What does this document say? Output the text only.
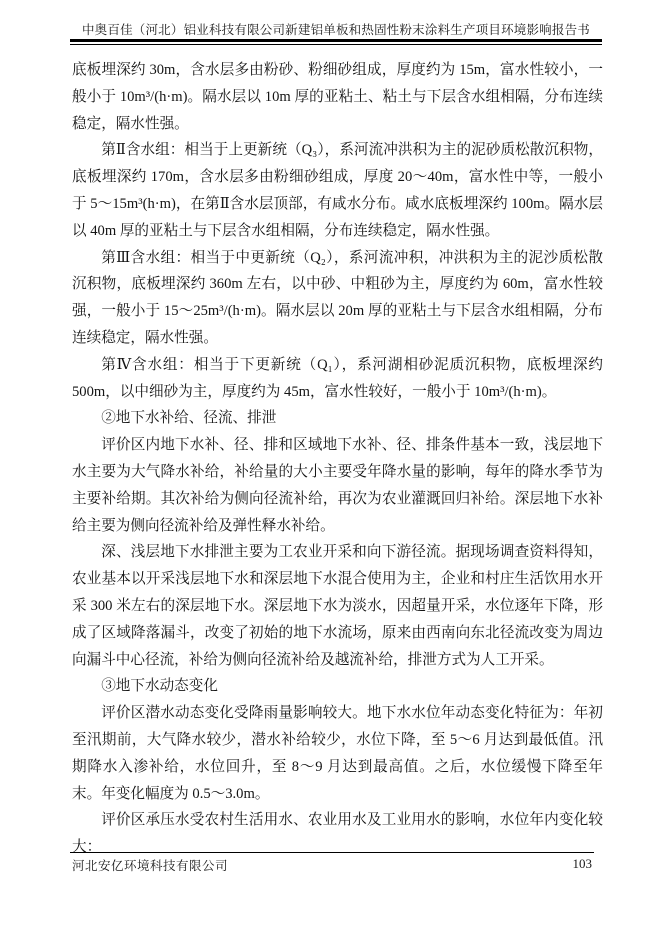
中奥百佳（河北）铝业科技有限公司新建铝单板和热固性粉末涂料生产项目环境影响报告书

底板埋深约 30m，含水层多由粉砂、粉细砂组成，厚度约为 15m，富水性较小，一般小于 10m³/(h·m)。隔水层以 10m 厚的亚粘土、粘土与下层含水组相隔，分布连续稳定，隔水性强。

第Ⅱ含水组：相当于上更新统（Q₃），系河流冲洪积为主的泥砂质松散沉积物，底板埋深约 170m，含水层多由粉细砂组成，厚度 20～40m，富水性中等，一般小于 5～15m³(h·m)，在第Ⅱ含水层顶部，有咸水分布。咸水底板埋深约 100m。隔水层以 40m 厚的亚粘土与下层含水组相隔，分布连续稳定，隔水性强。

第Ⅲ含水组：相当于中更新统（Q₂），系河流冲积，冲洪积为主的泥沙质松散沉积物，底板埋深约 360m 左右，以中砂、中粗砂为主，厚度约为 60m，富水性较强，一般小于 15～25m³/(h·m)。隔水层以 20m 厚的亚粘土与下层含水组相隔，分布连续稳定，隔水性强。

第Ⅳ含水组：相当于下更新统（Q₁），系河湖相砂泥质沉积物，底板埋深约 500m，以中细砂为主，厚度约为 45m，富水性较好，一般小于 10m³/(h·m)。

②地下水补给、径流、排泄

评价区内地下水补、径、排和区域地下水补、径、排条件基本一致，浅层地下水主要为大气降水补给，补给量的大小主要受年降水量的影响，每年的降水季节为主要补给期。其次补给为侧向径流补给，再次为农业灌溉回归补给。深层地下水补给主要为侧向径流补给及弹性释水补给。

深、浅层地下水排泄主要为工农业开采和向下游径流。据现场调查资料得知，农业基本以开采浅层地下水和深层地下水混合使用为主，企业和村庄生活饮用水开采 300 米左右的深层地下水。深层地下水为淡水，因超量开采，水位逐年下降，形成了区域降落漏斗，改变了初始的地下水流场，原来由西南向东北径流改变为周边向漏斗中心径流，补给为侧向径流补给及越流补给，排泄方式为人工开采。

③地下水动态变化

评价区潜水动态变化受降雨量影响较大。地下水水位年动态变化特征为：年初至汛期前，大气降水较少，潜水补给较少，水位下降，至 5～6 月达到最低值。汛期降水入渗补给，水位回升，至 8～9 月达到最高值。之后，水位缓慢下降至年末。年变化幅度为 0.5～3.0m。

评价区承压水受农村生活用水、农业用水及工业用水的影响，水位年内变化较大：

河北安亿环境科技有限公司	103
